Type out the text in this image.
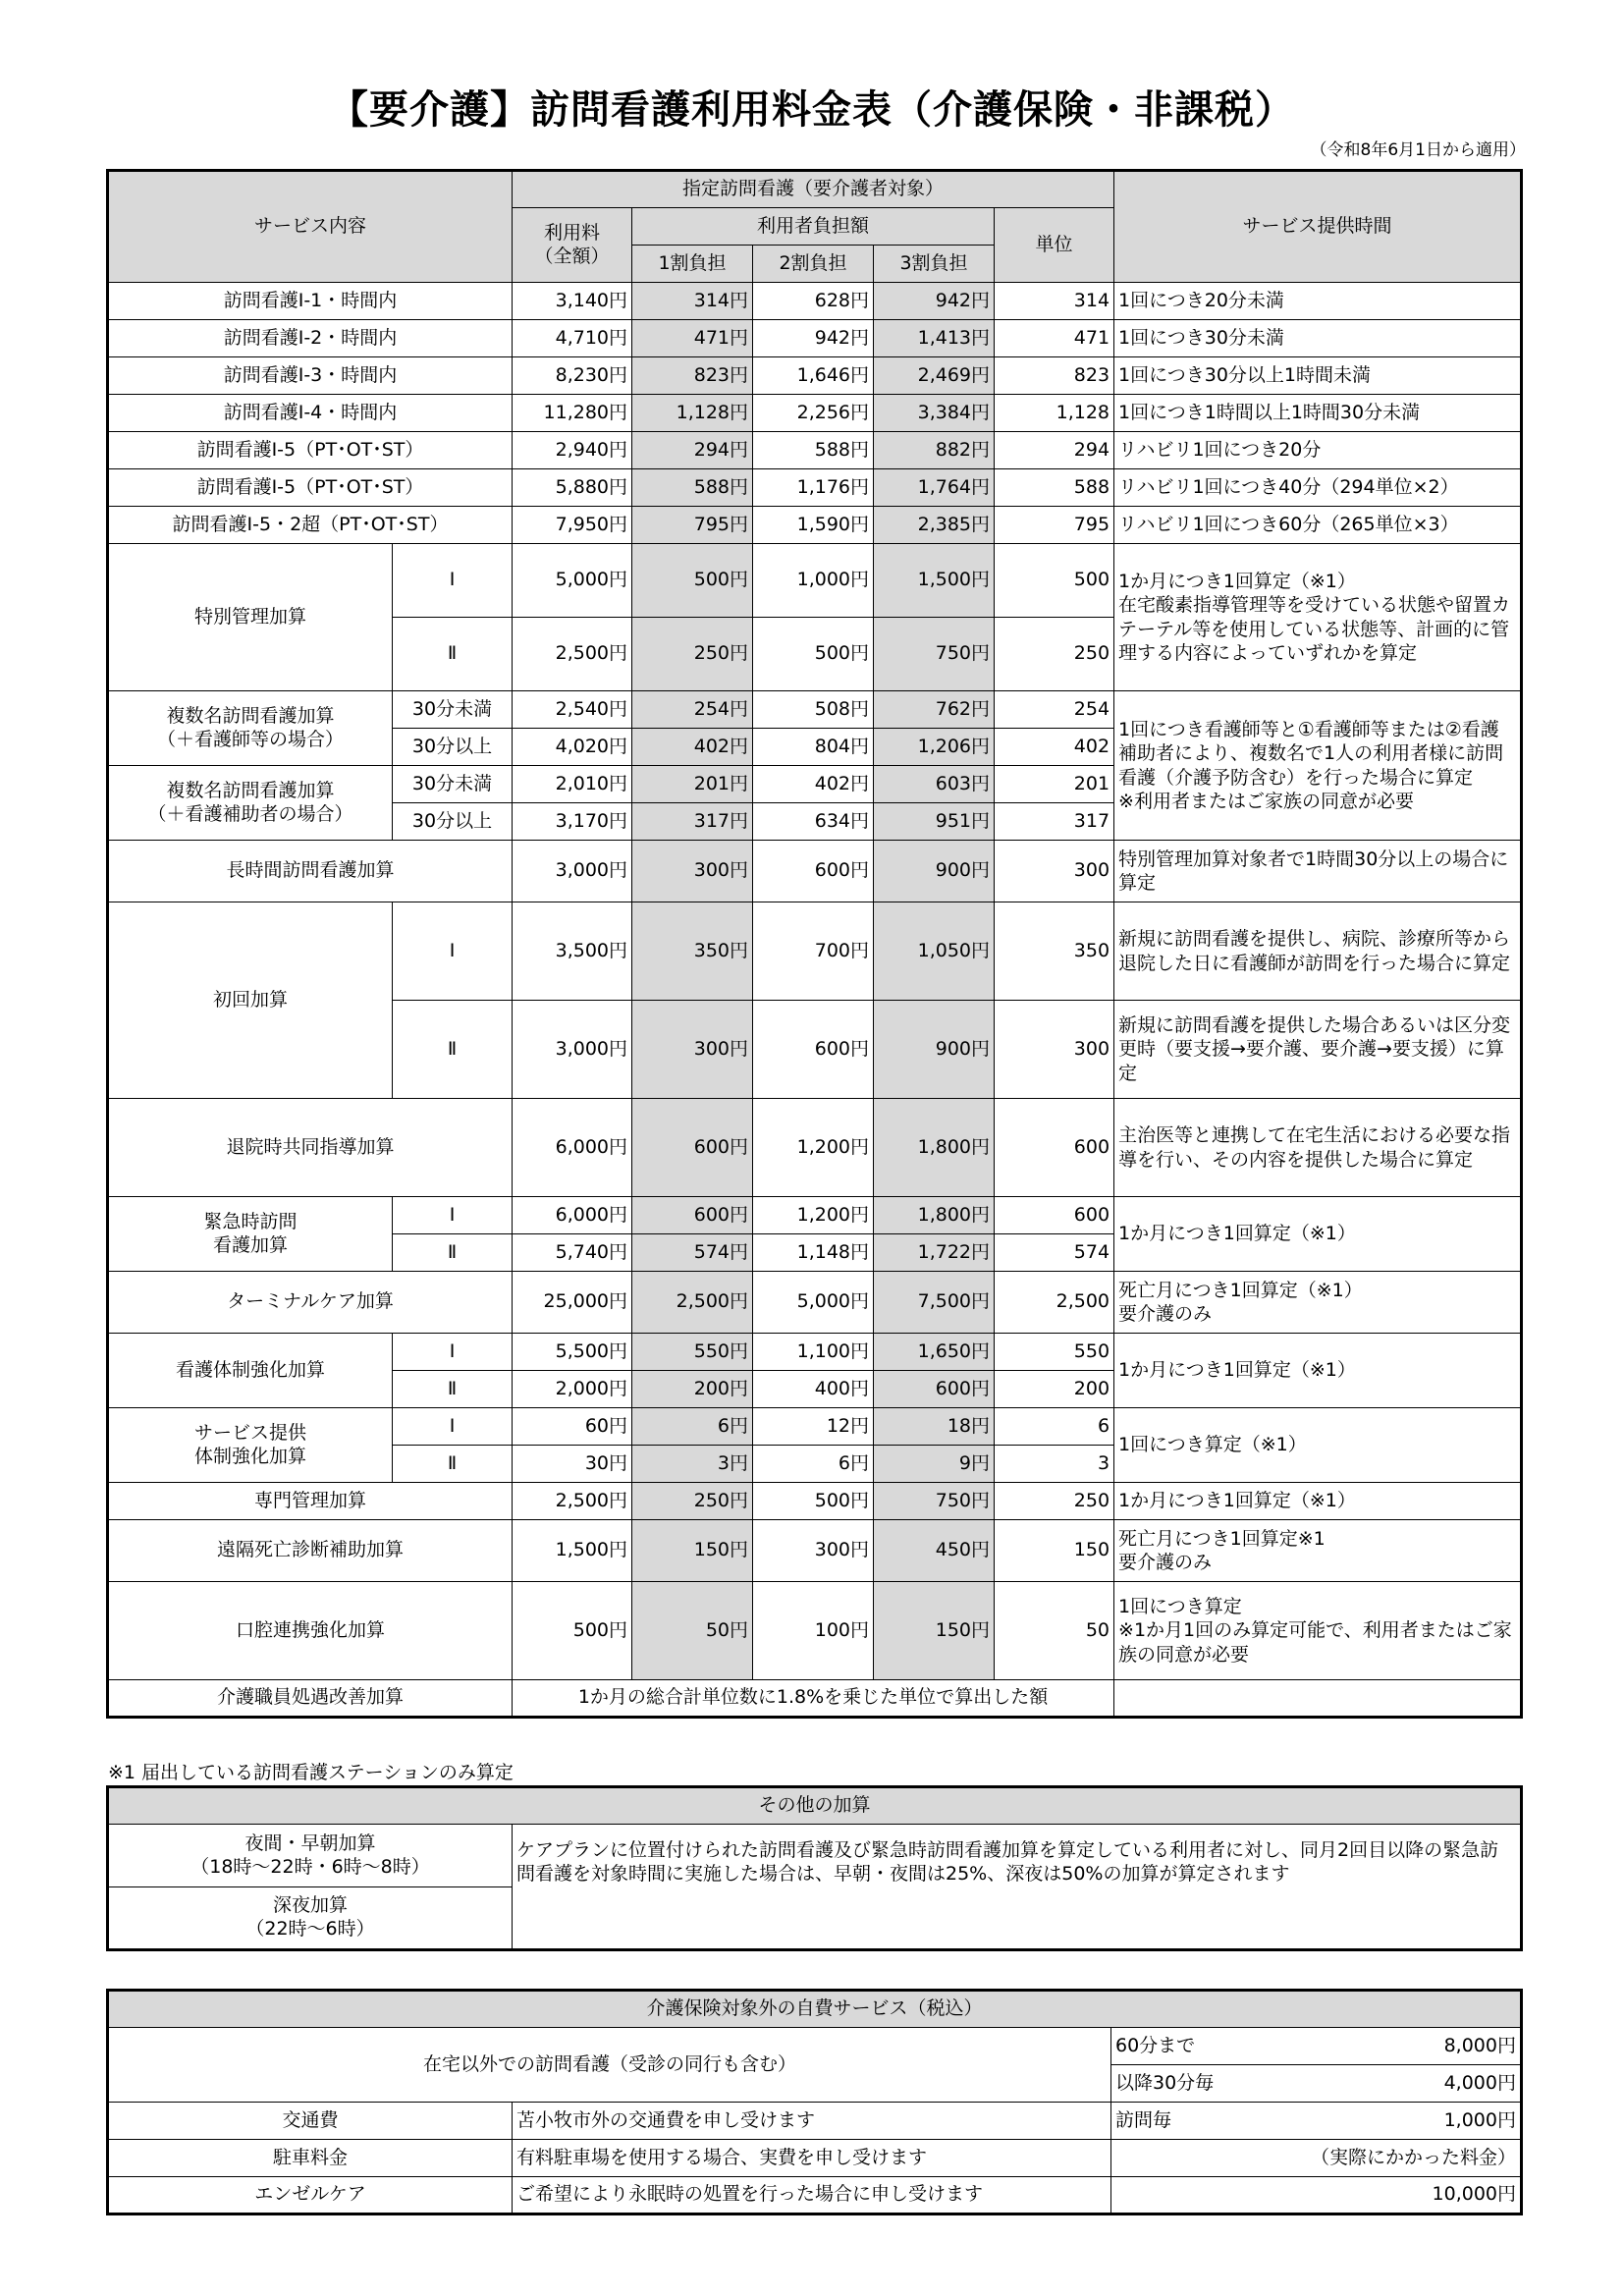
【要介護】訪問看護利用料金表（介護保険・非課税）
（令和8年6月1日から適用）
サービス内容		指定訪問看護（要介護者対象）					サービス提供時間
		利用料
（全額）	利用者負担額			単位	
			1割負担	2割負担	3割負担		
訪問看護Ⅰ-1・時間内		3,140円	314円	628円	942円	314	1回につき20分未満
訪問看護Ⅰ-2・時間内		4,710円	471円	942円	1,413円	471	1回につき30分未満
訪問看護Ⅰ-3・時間内		8,230円	823円	1,646円	2,469円	823	1回につき30分以上1時間未満
訪問看護Ⅰ-4・時間内		11,280円	1,128円	2,256円	3,384円	1,128	1回につき1時間以上1時間30分未満
訪問看護Ⅰ-5（PT･OT･ST）		2,940円	294円	588円	882円	294	リハビリ1回につき20分
訪問看護Ⅰ-5（PT･OT･ST）		5,880円	588円	1,176円	1,764円	588	リハビリ1回につき40分（294単位×2）
訪問看護Ⅰ-5・2超（PT･OT･ST）		7,950円	795円	1,590円	2,385円	795	リハビリ1回につき60分（265単位×3）
特別管理加算	Ⅰ	5,000円	500円	1,000円	1,500円	500	1か月につき1回算定（※1）
在宅酸素指導管理等を受けている状態や留置カテーテル等を使用している状態等、計画的に管理する内容によっていずれかを算定
	Ⅱ	2,500円	250円	500円	750円	250	
複数名訪問看護加算
（＋看護師等の場合）	30分未満	2,540円	254円	508円	762円	254	1回につき看護師等と①看護師等または②看護補助者により、複数名で1人の利用者様に訪問看護（介護予防含む）を行った場合に算定
※利用者またはご家族の同意が必要
	30分以上	4,020円	402円	804円	1,206円	402	
複数名訪問看護加算
（＋看護補助者の場合）	30分未満	2,010円	201円	402円	603円	201	
	30分以上	3,170円	317円	634円	951円	317	
長時間訪問看護加算		3,000円	300円	600円	900円	300	特別管理加算対象者で1時間30分以上の場合に算定
初回加算	Ⅰ	3,500円	350円	700円	1,050円	350	新規に訪問看護を提供し、病院、診療所等から退院した日に看護師が訪問を行った場合に算定
	Ⅱ	3,000円	300円	600円	900円	300	新規に訪問看護を提供した場合あるいは区分変更時（要支援→要介護、要介護→要支援）に算定
退院時共同指導加算		6,000円	600円	1,200円	1,800円	600	主治医等と連携して在宅生活における必要な指導を行い、その内容を提供した場合に算定
緊急時訪問
看護加算	Ⅰ	6,000円	600円	1,200円	1,800円	600	1か月につき1回算定（※1）
	Ⅱ	5,740円	574円	1,148円	1,722円	574	
ターミナルケア加算		25,000円	2,500円	5,000円	7,500円	2,500	死亡月につき1回算定（※1）
要介護のみ
看護体制強化加算	Ⅰ	5,500円	550円	1,100円	1,650円	550	1か月につき1回算定（※1）
	Ⅱ	2,000円	200円	400円	600円	200	
サービス提供
体制強化加算	Ⅰ	60円	6円	12円	18円	6	1回につき算定（※1）
	Ⅱ	30円	3円	6円	9円	3	
専門管理加算		2,500円	250円	500円	750円	250	1か月につき1回算定（※1）
遠隔死亡診断補助加算		1,500円	150円	300円	450円	150	死亡月につき1回算定※1
要介護のみ
口腔連携強化加算		500円	50円	100円	150円	50	1回につき算定
※1か月1回のみ算定可能で、利用者またはご家族の同意が必要
介護職員処遇改善加算		1か月の総合計単位数に1.8%を乗じた単位で算出した額					
※1 届出している訪問看護ステーションのみ算定
その他の加算
夜間・早朝加算
（18時～22時・6時～8時）	ケアプランに位置付けられた訪問看護及び緊急時訪問看護加算を算定している利用者に対し、同月2回目以降の緊急訪問看護を対象時間に実施した場合は、早朝・夜間は25%、深夜は50%の加算が算定されます
深夜加算
（22時～6時）
介護保険対象外の自費サービス（税込）		
在宅以外での訪問看護（受診の同行も含む）		60分まで 8,000円

		以降30分毎 4,000円

交通費	苫小牧市外の交通費を申し受けます	訪問毎 1,000円

駐車料金	有料駐車場を使用する場合、実費を申し受けます	（実際にかかった料金）
エンゼルケア	ご希望により永眠時の処置を行った場合に申し受けます	10,000円
